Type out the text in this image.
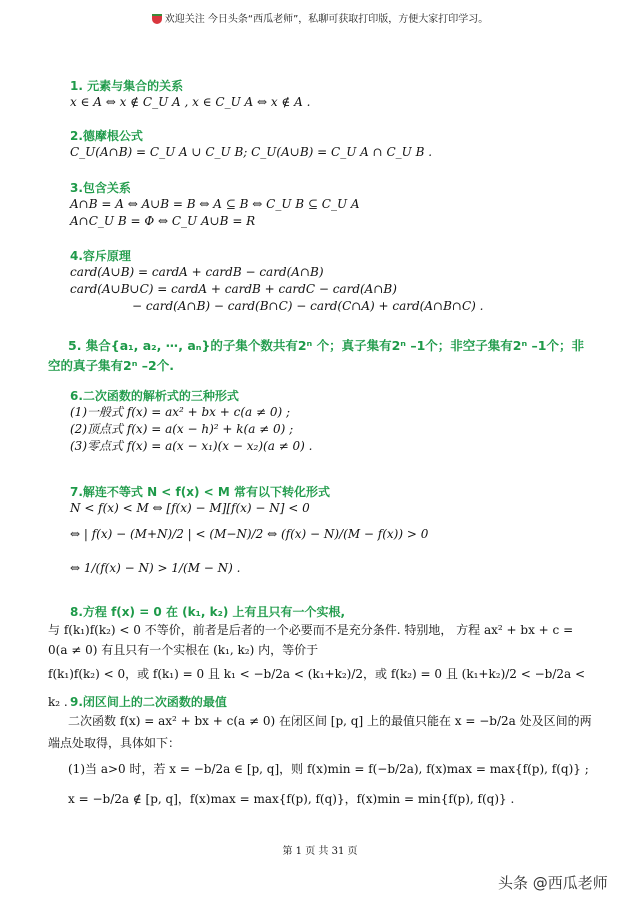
欢迎关注 今日头条“西瓜老师”，私聊可获取打印版，方便大家打印学习。
1. 元素与集合的关系
x ∈ A ⇔ x ∉ C_U A , x ∈ C_U A ⇔ x ∉ A .
2.德摩根公式
C_U(A∩B) = C_U A ∪ C_U B; C_U(A∪B) = C_U A ∩ C_U B .
3.包含关系
A∩B = A ⇔ A∪B = B ⇔ A ⊆ B ⇔ C_U B ⊆ C_U A
A∩C_U B = Φ ⇔ C_U A∪B = R
4.容斥原理
card(A∪B) = cardA + cardB − card(A∩B)
card(A∪B∪C) = cardA + cardB + cardC − card(A∩B)
− card(A∩B) − card(B∩C) − card(C∩A) + card(A∩B∩C) .
5. 集合{a₁, a₂, ⋯, aₙ}的子集个数共有2ⁿ 个；真子集有2ⁿ –1个；非空子集有2ⁿ –1个；非空的真子集有2ⁿ –2个.
6.二次函数的解析式的三种形式
(1)一般式 f(x) = ax² + bx + c(a ≠ 0) ;
(2)顶点式 f(x) = a(x − h)² + k(a ≠ 0) ;
(3)零点式 f(x) = a(x − x₁)(x − x₂)(a ≠ 0) .
7.解连不等式 N < f(x) < M 常有以下转化形式
N < f(x) < M ⇔ [f(x) − M][f(x) − N] < 0
⇔ | f(x) − (M+N)/2 | < (M−N)/2 ⇔ (f(x) − N)/(M − f(x)) > 0
⇔ 1/(f(x) − N) > 1/(M − N) .
8.方程 f(x) = 0 在 (k₁, k₂) 上有且只有一个实根,
与 f(k₁)f(k₂) < 0 不等价，前者是后者的一个必要而不是充分条件. 特别地， 方程 ax² + bx + c = 0(a ≠ 0) 有且只有一个实根在 (k₁, k₂) 内，等价于
f(k₁)f(k₂) < 0，或 f(k₁) = 0 且 k₁ < −b/2a < (k₁+k₂)/2，或 f(k₂) = 0 且 (k₁+k₂)/2 < −b/2a < k₂ . 9.闭区间上的二次函数的最值
二次函数 f(x) = ax² + bx + c(a ≠ 0) 在闭区间 [p, q] 上的最值只能在 x = −b/2a 处及区间的两端点处取得，具体如下：
(1)当 a>0 时，若 x = −b/2a ∈ [p, q]，则 f(x)min = f(−b/2a), f(x)max = max{f(p), f(q)} ;
x = −b/2a ∉ [p, q]，f(x)max = max{f(p), f(q)}，f(x)min = min{f(p), f(q)} .
第 1 页 共 31 页
头条 @西瓜老师
